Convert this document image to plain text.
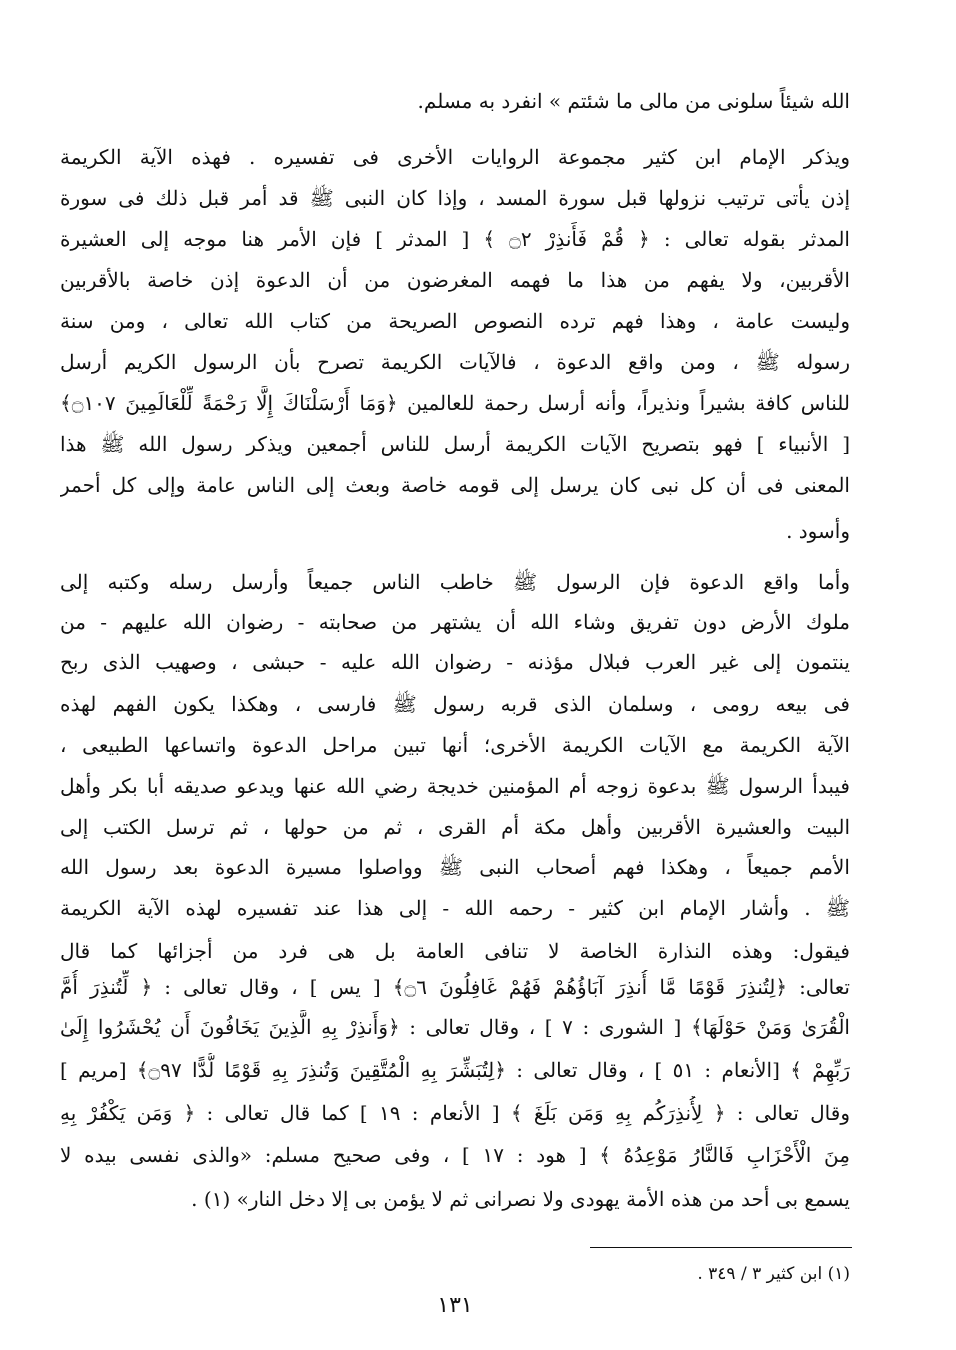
الله شيئاً سلونى من مالى ما شئتم » انفرد به مسلم.
ويذكر الإمام ابن كثير مجموعة الروايات الأخرى فى تفسيره . فهذه الآية الكريمة
إذن يأتى ترتيب نزولها قبل سورة المسد ، وإذا كان النبى ﷺ قد أمر قبل ذلك فى سورة
المدثر بقوله تعالى : ﴿ قُمْ فَأَنذِرْ ۝٢ ﴾ [ المدثر ] فإن الأمر هنا موجه إلى العشيرة
الأقربين، ولا يفهم من هذا ما فهمه المغرضون من أن الدعوة إذن خاصة بالأقربين
وليست عامة ، وهذا فهم ترده النصوص الصريحة من كتاب الله تعالى ، ومن سنة
رسوله ﷺ ، ومن واقع الدعوة ، فالآيات الكريمة تصرح بأن الرسول الكريم أرسل
للناس كافة بشيراً ونذيراً، وأنه أرسل رحمة للعالمين ﴿وَمَا أَرْسَلْنَاكَ إِلَّا رَحْمَةً لِّلْعَالَمِينَ ۝١٠٧﴾
[ الأنبياء ] فهو بتصريح الآيات الكريمة أرسل للناس أجمعين ويذكر رسول الله ﷺ هذا
المعنى فى أن كل نبى كان يرسل إلى قومه خاصة وبعث إلى الناس عامة وإلى كل أحمر
وأسود .
وأما واقع الدعوة فإن الرسول ﷺ خاطب الناس جميعاً وأرسل رسله وكتبه إلى
ملوك الأرض دون تفريق وشاء الله أن يشتهر من صحابته - رضوان الله عليهم - من
ينتمون إلى غير العرب فبلال مؤذنه - رضوان الله عليه - حبشى ، وصهيب الذى ربح
فى بيعه رومى ، وسلمان الذى قربه رسول ﷺ فارسى ، وهكذا يكون الفهم لهذه
الآية الكريمة مع الآيات الكريمة الأخرى؛ أنها تبين مراحل الدعوة واتساعها الطبيعى ،
فيبدأ الرسول ﷺ بدعوة زوجه أم المؤمنين خديجة رضي الله عنها ويدعو صديقه أبا بكر وأهل
البيت والعشيرة الأقربين وأهل مكة أم القرى ، ثم من حولها ، ثم ترسل الكتب إلى
الأمم جميعاً ، وهكذا فهم أصحاب النبى ﷺ وواصلوا مسيرة الدعوة بعد رسول الله
ﷺ . وأشار الإمام ابن كثير - رحمه الله - إلى هذا عند تفسيره لهذه الآية الكريمة
فيقول: وهذه النذارة الخاصة لا تنافى العامة بل هى فرد من أجزائها كما قال
تعالى: ﴿لِتُنذِرَ قَوْمًا مَّا أُنذِرَ آبَاؤُهُمْ فَهُمْ غَافِلُونَ ۝٦﴾ [ يس ] ، وقال تعالى : ﴿ لِّتُنذِرَ أُمَّ
الْقُرَىٰ وَمَنْ حَوْلَهَا﴾ [ الشورى : ٧ ] ، وقال تعالى : ﴿وَأَنذِرْ بِهِ الَّذِينَ يَخَافُونَ أَن يُحْشَرُوا إِلَىٰ
رَبِّهِمْ ﴾ [الأنعام : ٥١ ] ، وقال تعالى : ﴿لِتُبَشِّرَ بِهِ الْمُتَّقِينَ وَتُنذِرَ بِهِ قَوْمًا لُّدًّا ۝٩٧﴾ [مريم ]
وقال تعالى : ﴿ لِأُنذِرَكُم بِهِ وَمَن بَلَغَ ﴾ [ الأنعام : ١٩ ] كما قال تعالى : ﴿ وَمَن يَكْفُرْ بِهِ
مِنَ الْأَحْزَابِ فَالنَّارُ مَوْعِدُهُ ﴾ [ هود : ١٧ ] ، وفى صحيح مسلم: «والذى نفسى بيده لا
يسمع بى أحد من هذه الأمة يهودى ولا نصرانى ثم لا يؤمن بى إلا دخل النار» (١) .
(١) ابن كثير ٣ / ٣٤٩ .
١٣١
